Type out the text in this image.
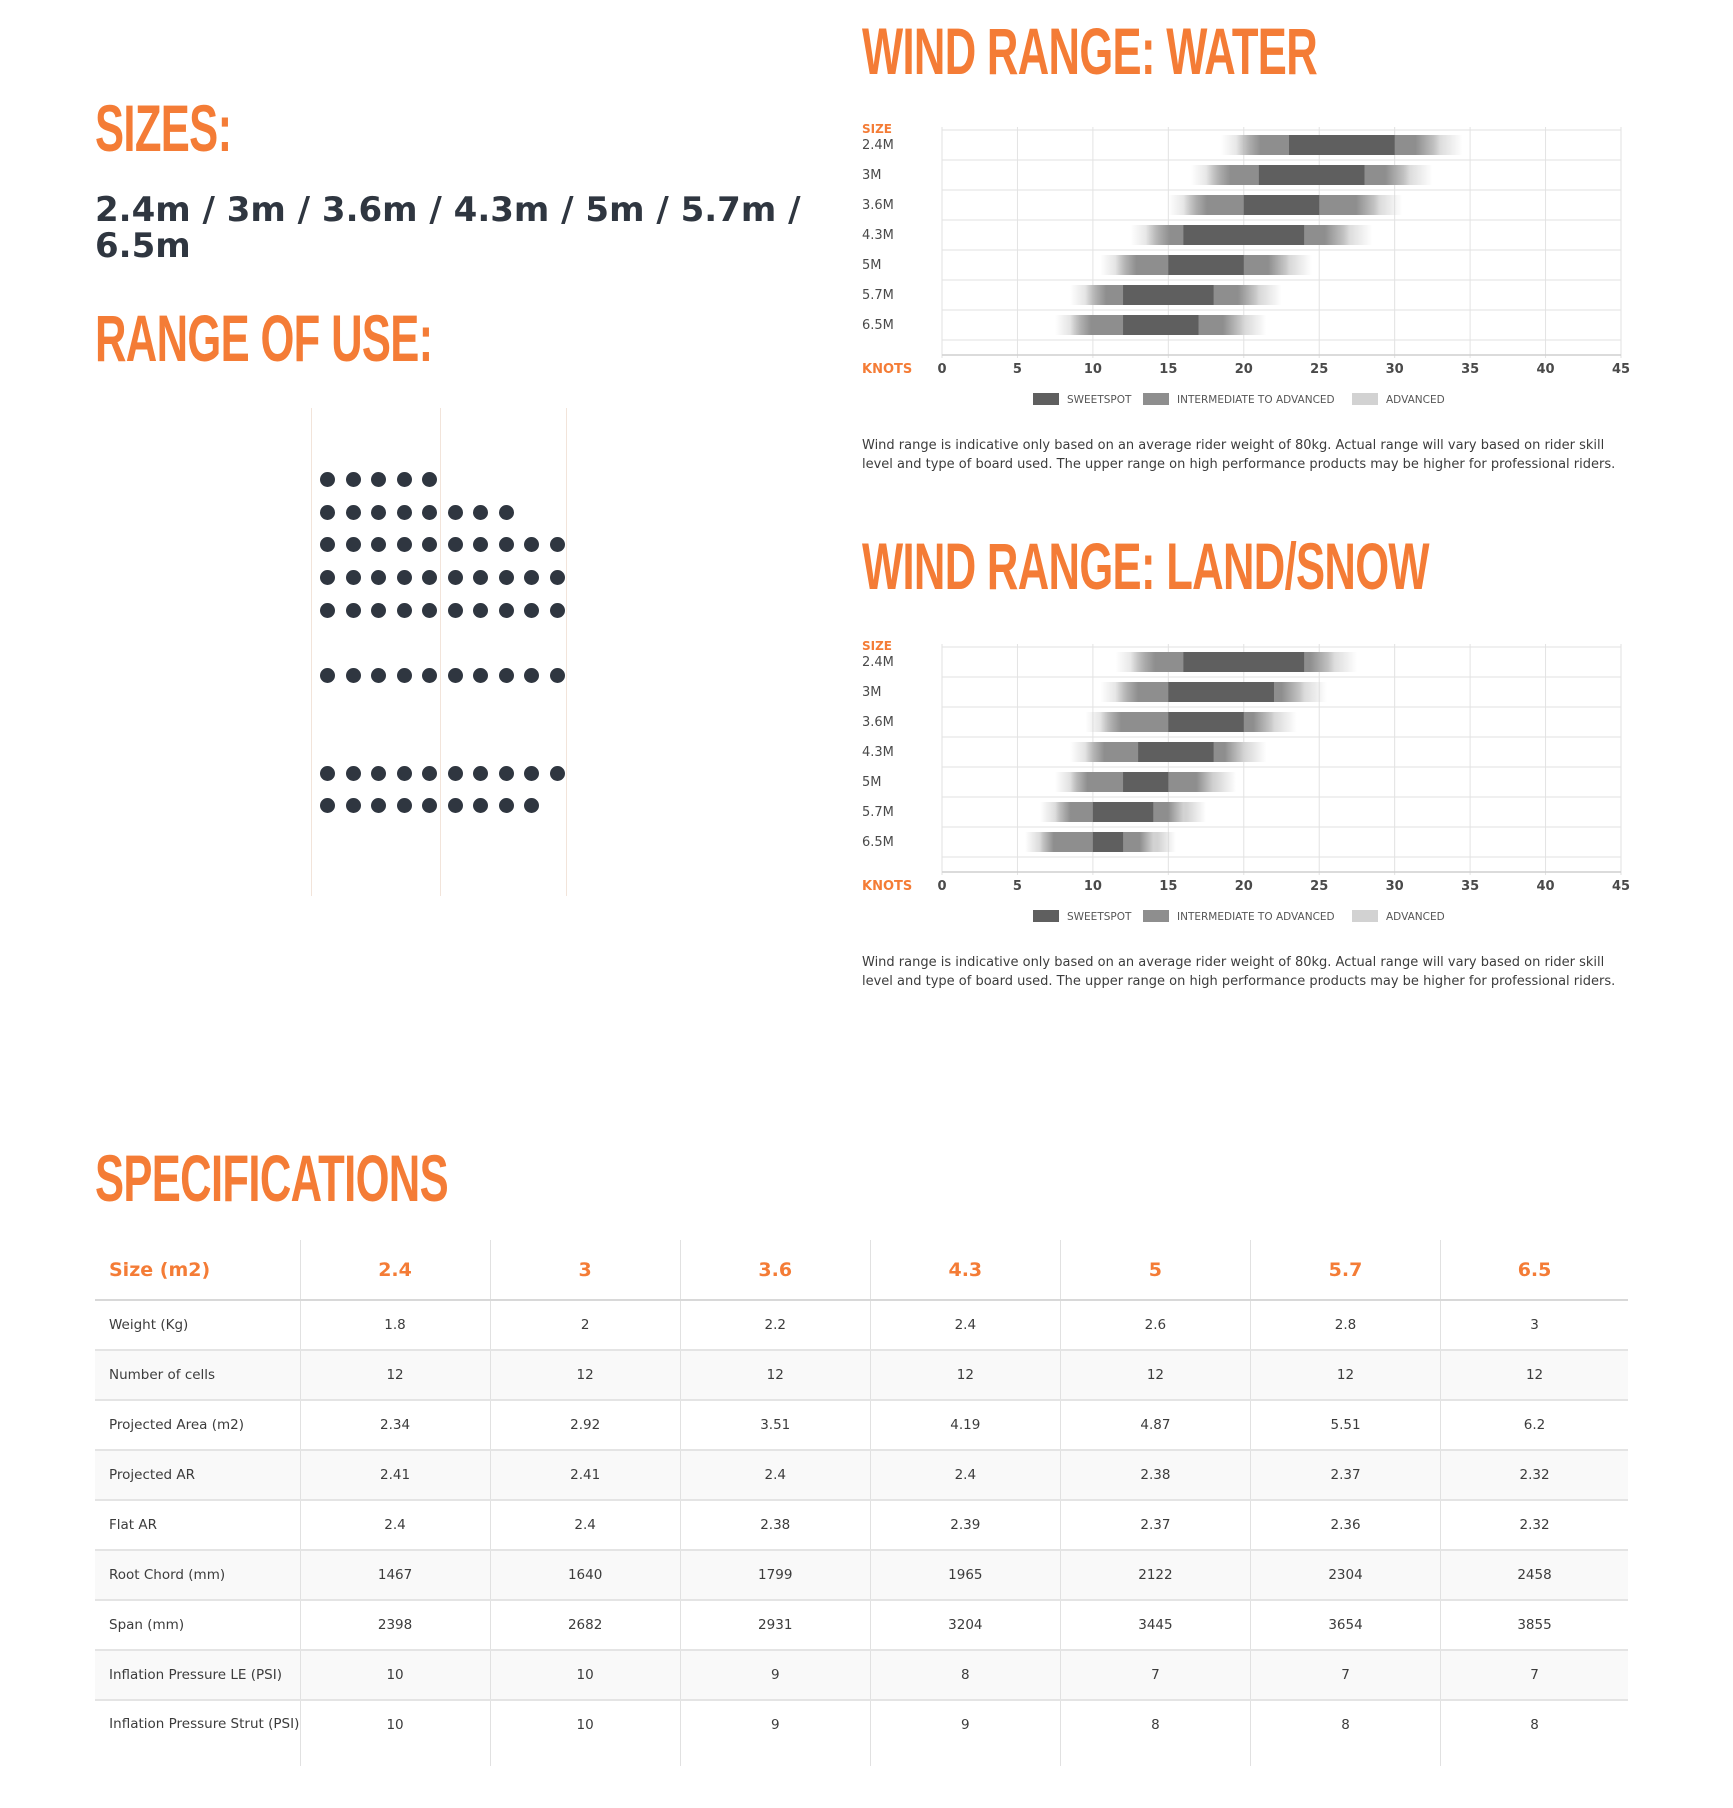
SIZES:
2.4m / 3m / 3.6m / 4.3m / 5m / 5.7m / 6.5m
RANGE OF USE:
WIND RANGE: WATER
SIZE
2.4M
3M
3.6M
4.3M
5M
5.7M
6.5M
0	5	10	15	20	25	30	35	40	45
KNOTS
SWEETSPOT	INTERMEDIATE TO ADVANCED	ADVANCED
Wind range is indicative only based on an average rider weight of 80kg. Actual range will vary based on rider skill level and type of board used. The upper range on high performance products may be higher for professional riders.
WIND RANGE: LAND/SNOW
SIZE
2.4M
3M
3.6M
4.3M
5M
5.7M
6.5M
0	5	10	15	20	25	30	35	40	45
KNOTS
SWEETSPOT	INTERMEDIATE TO ADVANCED	ADVANCED
Wind range is indicative only based on an average rider weight of 80kg. Actual range will vary based on rider skill level and type of board used. The upper range on high performance products may be higher for professional riders.
SPECIFICATIONS
Size (m2)	2.4	3	3.6	4.3	5	5.7	6.5
Weight (Kg)	1.8	2	2.2	2.4	2.6	2.8	3
Number of cells	12	12	12	12	12	12	12
Projected Area (m2)	2.34	2.92	3.51	4.19	4.87	5.51	6.2
Projected AR	2.41	2.41	2.4	2.4	2.38	2.37	2.32
Flat AR	2.4	2.4	2.38	2.39	2.37	2.36	2.32
Root Chord (mm)	1467	1640	1799	1965	2122	2304	2458
Span (mm)	2398	2682	2931	3204	3445	3654	3855
Inflation Pressure LE (PSI)	10	10	9	8	7	7	7
Inflation Pressure Strut (PSI)	10	10	9	9	8	8	8
